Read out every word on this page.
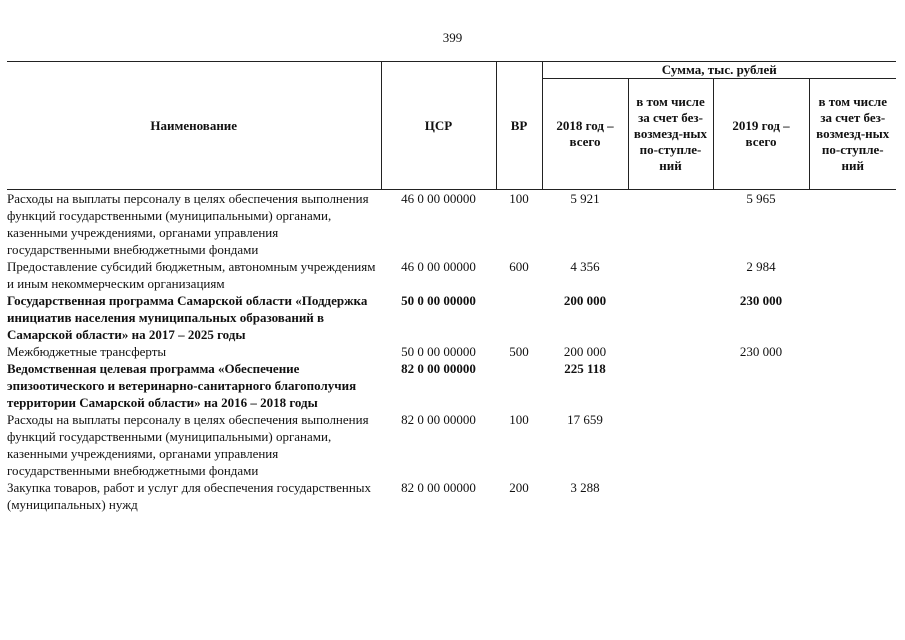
399
Наименование	ЦСР	ВР	Сумма, тыс. рублей			
			2018 год – всего	в том числе за счет без-возмезд-ных по-ступле-ний	2019 год – всего	в том числе за счет без-возмезд-ных по-ступле-ний
Расходы на выплаты персоналу в целях обеспечения выполнения функций государственными (муниципальными) органами, казенными учреждениями, органами управления государственными внебюджетными фондами	46 0 00 00000	100	5 921		5 965	
Предоставление субсидий бюджетным, автономным учреждениям и иным некоммерческим организациям	46 0 00 00000	600	4 356		2 984	
Государственная программа Самарской области «Поддержка инициатив населения муниципальных образований в Самарской области» на 2017 – 2025 годы	50 0 00 00000		200 000		230 000	
Межбюджетные трансферты	50 0 00 00000	500	200 000		230 000	
Ведомственная целевая программа «Обеспечение эпизоотического и ветеринарно-санитарного благополучия территории Самарской области» на 2016 – 2018 годы	82 0 00 00000		225 118			
Расходы на выплаты персоналу в целях обеспечения выполнения функций государственными (муниципальными) органами, казенными учреждениями, органами управления государственными внебюджетными фондами	82 0 00 00000	100	17 659			
Закупка товаров, работ и услуг для обеспечения государственных (муниципальных) нужд	82 0 00 00000	200	3 288			
